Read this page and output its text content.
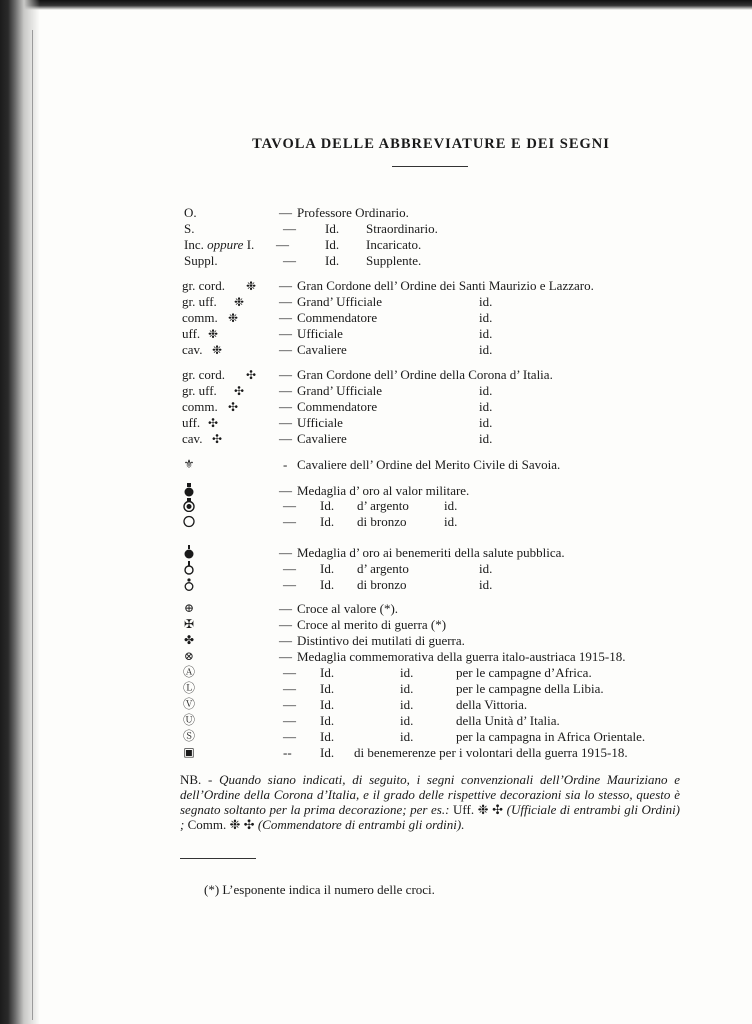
TAVOLA DELLE ABBREVIATURE E DEI SEGNI
O.	— Professore Ordinario.
S.	— Id. Straordinario.
Inc. oppure I. —	Id. Incaricato.
Suppl.	— Id. Supplente.
gr. cord. ❉ — Gran Cordone dell’ Ordine dei Santi Maurizio e Lazzaro.
gr. uff. ❉	— Grand’ Ufficiale	id.
comm. ❉	— Commendatore	id.
uff. ❉	— Ufficiale	id.
cav. ❉	— Cavaliere	id.
gr. cord. ✣ — Gran Cordone dell’ Ordine della Corona d’ Italia.
gr. uff. ✣	— Grand’ Ufficiale	id.
comm. ✣	— Commendatore	id.
uff. ✣	— Ufficiale	id.
cav. ✣	— Cavaliere	id.
⚜	- Cavaliere dell’ Ordine del Merito Civile di Savoia.
— Medaglia d’ oro al valor militare.
— Id. d’ argento	id.
— Id. di bronzo	id.
— Medaglia d’ oro ai benemeriti della salute pubblica.
— Id. d’ argento	id.
— Id. di bronzo	id.
⊕	— Croce al valore (*).
✠	— Croce al merito di guerra (*)
✤	— Distintivo dei mutilati di guerra.
⊗	— Medaglia commemorativa della guerra italo-austriaca 1915-18.
Ⓐ	— Id.	id.	per le campagne d’Africa.
Ⓛ	— Id.	id.	per le campagne della Libia.
Ⓥ	— Id.	id.	della Vittoria.
Ⓤ	— Id.	id.	della Unità d’ Italia.
Ⓢ	— Id.	id.	per la campagna in Africa Orientale.
▣	-- Id. di benemerenze per i volontari della guerra 1915-18.
NB. - Quando siano indicati, di seguito, i segni convenzionali dell’Ordine Mauriziano e dell’Ordine della Corona d’Italia, e il grado delle rispettive decorazioni sia lo stesso, questo è segnato soltanto per la prima decorazione; per es.: Uff. ❉ ✣ (Ufficiale di entrambi gli Ordini) ; Comm. ❉ ✣ (Commendatore di entrambi gli ordini).
(*) L’esponente indica il numero delle croci.
